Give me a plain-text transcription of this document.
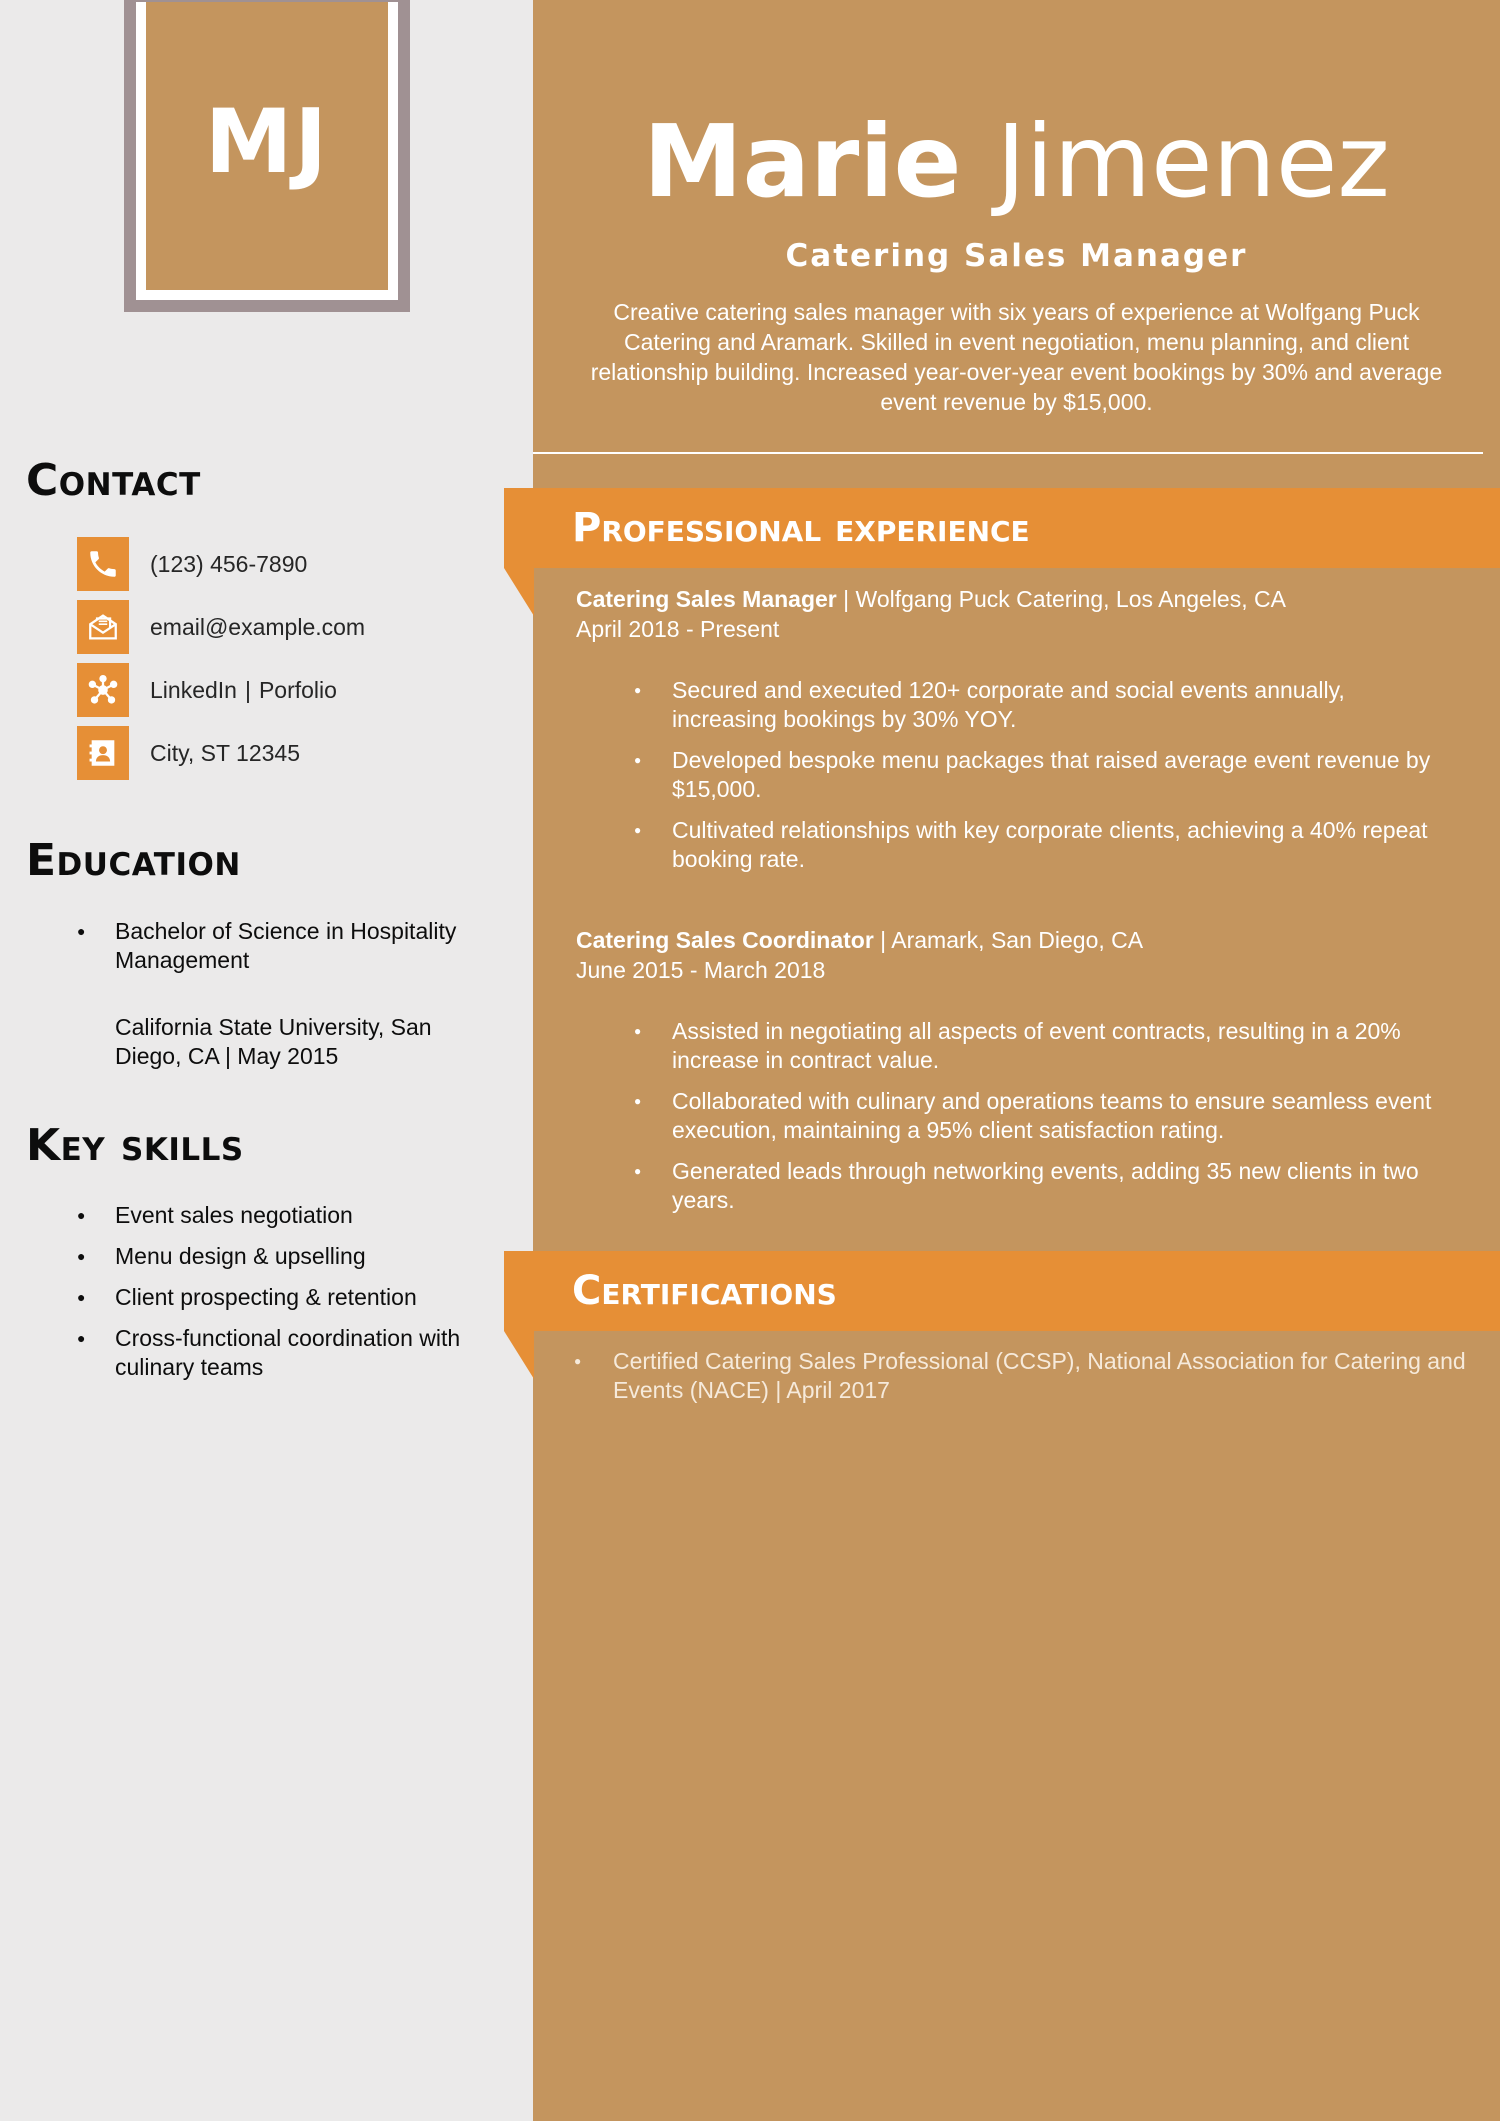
MJ
Contact
(123) 456-7890
email@example.com
LinkedIn | Porfolio
City, ST 12345
Education
● Bachelor of Science in Hospitality Management
California State University, San Diego, CA | May 2015
Key skills
● Event sales negotiation
● Menu design & upselling
● Client prospecting & retention
● Cross-functional coordination with culinary teams
Marie Jimenez
Catering Sales Manager

Creative catering sales manager with six years of experience at Wolfgang Puck Catering and Aramark. Skilled in event negotiation, menu planning, and client relationship building. Increased year-over-year event bookings by 30% and average event revenue by $15,000.

Professional experience
Catering Sales Manager | Wolfgang Puck Catering, Los Angeles, CA
April 2018 - Present
● Secured and executed 120+ corporate and social events annually, increasing bookings by 30% YOY.
● Developed bespoke menu packages that raised average event revenue by $15,000.
● Cultivated relationships with key corporate clients, achieving a 40% repeat booking rate.
Catering Sales Coordinator | Aramark, San Diego, CA
June 2015 - March 2018
● Assisted in negotiating all aspects of event contracts, resulting in a 20% increase in contract value.
● Collaborated with culinary and operations teams to ensure seamless event execution, maintaining a 95% client satisfaction rating.
● Generated leads through networking events, adding 35 new clients in two years.
Certifications
● Certified Catering Sales Professional (CCSP), National Association for Catering and Events (NACE) | April 2017
